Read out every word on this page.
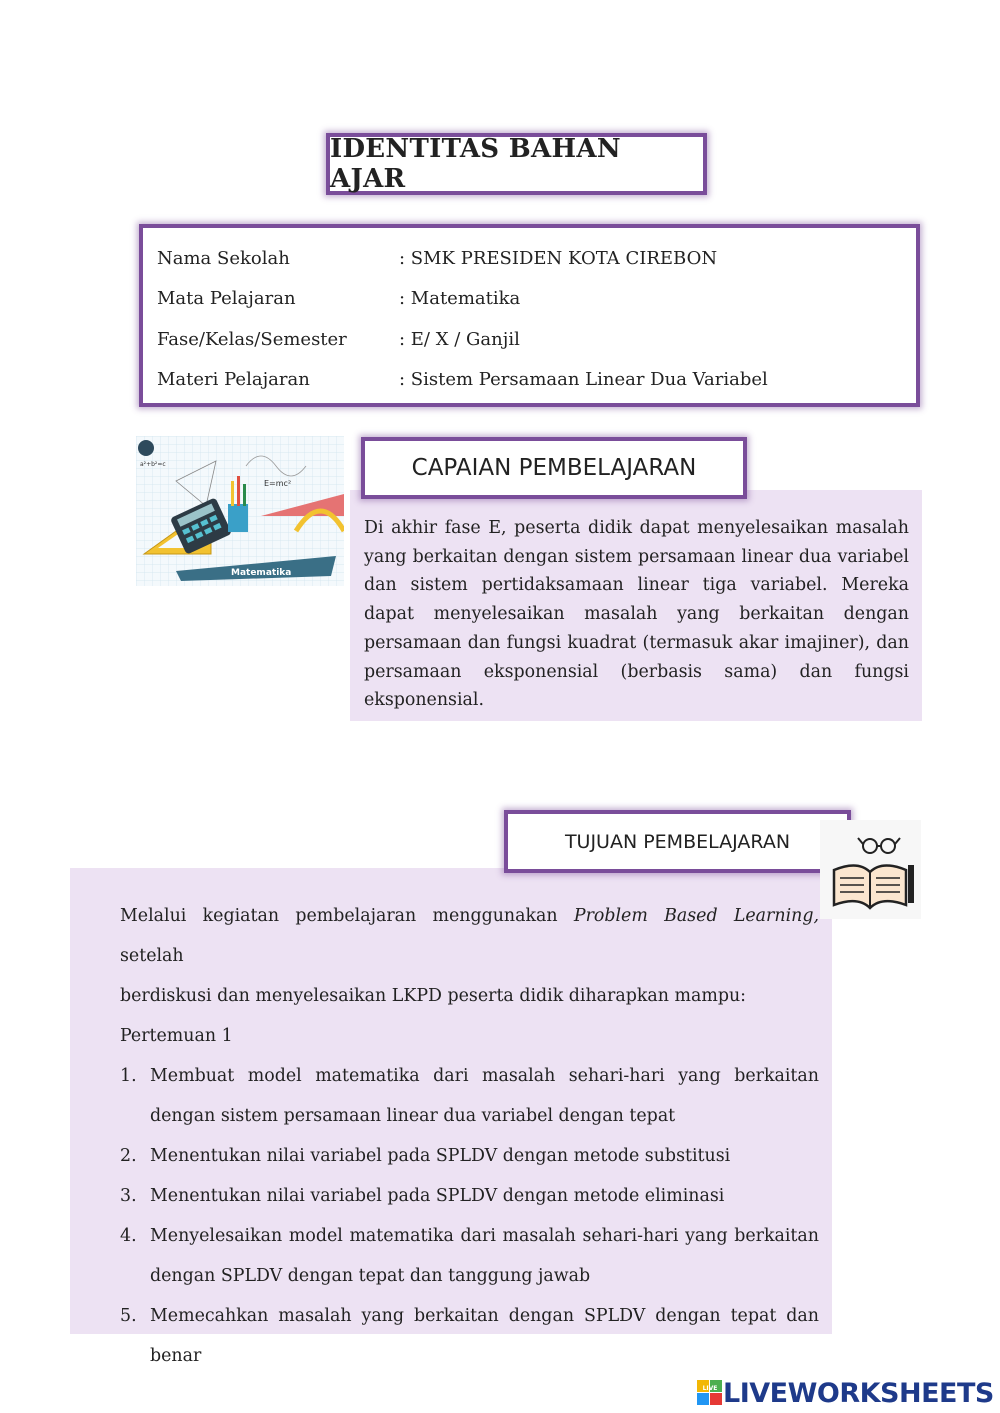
IDENTITAS BAHAN AJAR
Nama Sekolah	: SMK PRESIDEN KOTA CIREBON
Mata Pelajaran	: Matematika
Fase/Kelas/Semester	: E/ X / Ganjil
Materi Pelajaran	: Sistem Persamaan Linear Dua Variabel
a²+b²=c
E=mc²
Matematika
CAPAIAN PEMBELAJARAN
Di akhir fase E, peserta didik dapat menyelesaikan masalah yang berkaitan dengan sistem persamaan linear dua variabel dan sistem pertidaksamaan linear tiga variabel. Mereka dapat menyelesaikan masalah yang berkaitan dengan persamaan dan fungsi kuadrat (termasuk akar imajiner), dan persamaan eksponensial (berbasis sama) dan fungsi eksponensial.
TUJUAN PEMBELAJARAN
Melalui kegiatan pembelajaran menggunakan Problem Based Learning, setelah
berdiskusi dan menyelesaikan LKPD peserta didik diharapkan mampu:
Pertemuan 1
1. Membuat model matematika dari masalah sehari-hari yang berkaitan dengan sistem persamaan linear dua variabel dengan tepat
2. Menentukan nilai variabel pada SPLDV dengan metode substitusi
3. Menentukan nilai variabel pada SPLDV dengan metode eliminasi
4. Menyelesaikan model matematika dari masalah sehari-hari yang berkaitan dengan SPLDV dengan tepat dan tanggung jawab
5. Memecahkan masalah yang berkaitan dengan SPLDV dengan tepat dan benar
LIVE LIVEWORKSHEETS
